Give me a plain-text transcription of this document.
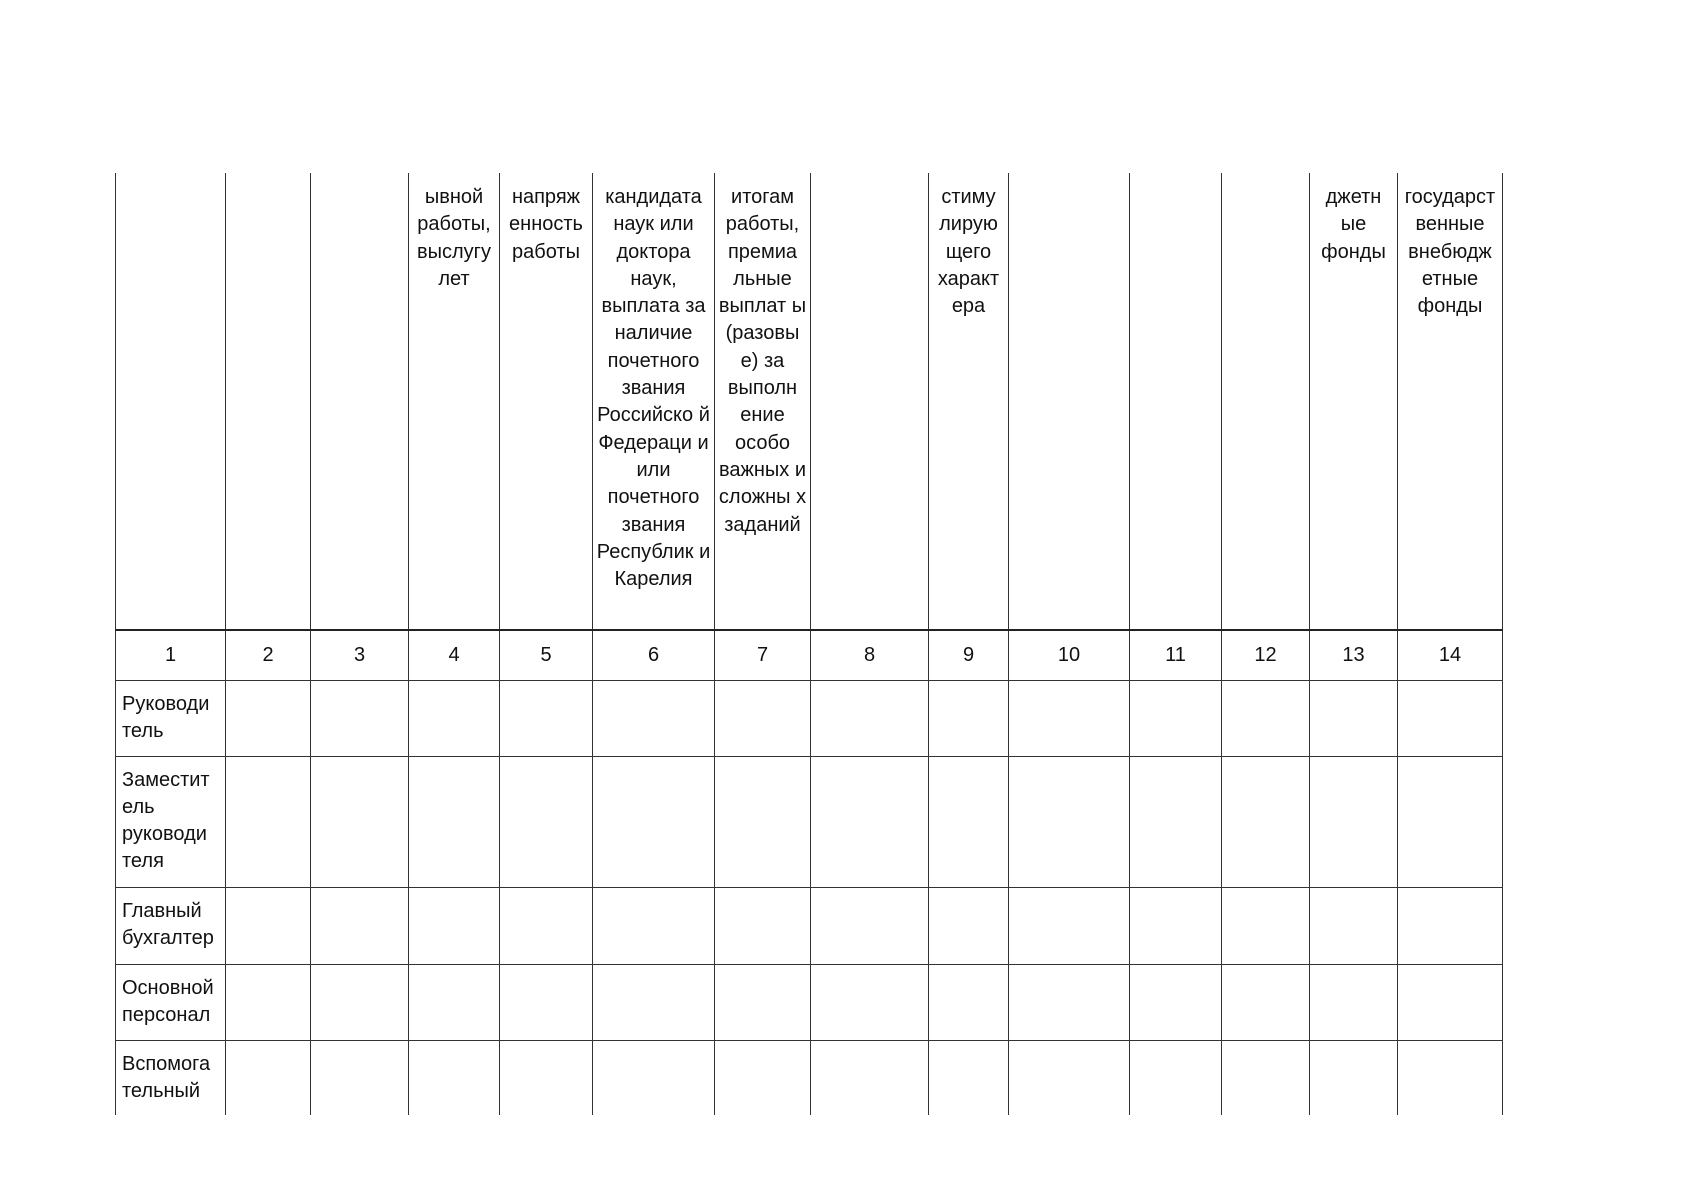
			ывной работы, выслугу лет	напряж енность работы	кандидата наук или доктора наук, выплата за наличие почетного звания Российско й Федераци и или почетного звания Республик и Карелия	итогам работы, премиа льные выплат ы (разовы е) за выполн ение особо важных и сложны х заданий		стиму лирую щего характ ера				джетн ые фонды	государст венные внебюдж етные фонды
1	2	3	4	5	6	7	8	9	10	11	12	13	14
Руководи тель													
Заместит ель руководи теля													
Главный бухгалтер													
Основной персонал													
Вспомога тельный													
